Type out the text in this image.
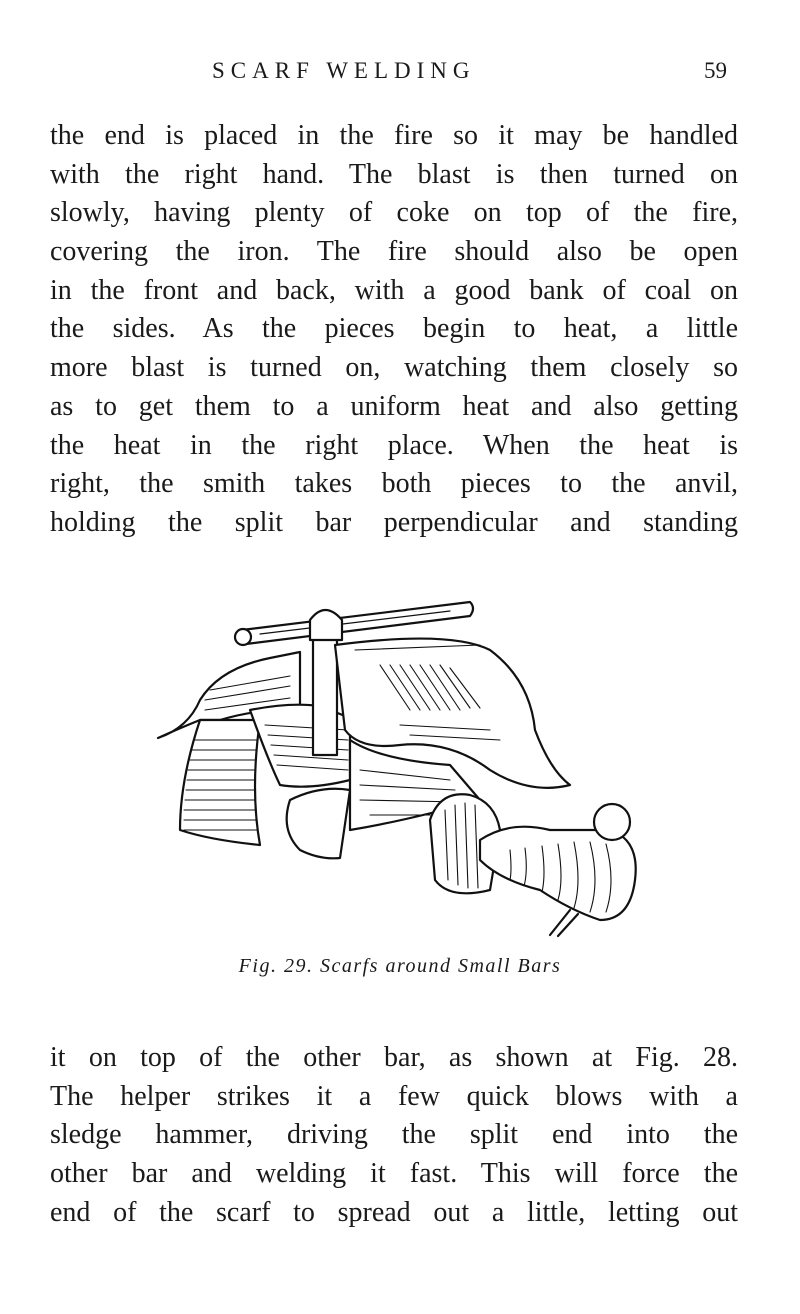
SCARF WELDING	59
the end is placed in the fire so it may be handled
with the right hand. The blast is then turned on
slowly, having plenty of coke on top of the fire,
covering the iron. The fire should also be open
in the front and back, with a good bank of coal on
the sides. As the pieces begin to heat, a little
more blast is turned on, watching them closely so
as to get them to a uniform heat and also getting
the heat in the right place. When the heat is
right, the smith takes both pieces to the anvil,
holding the split bar perpendicular and standing
Fig. 29. Scarfs around Small Bars
it on top of the other bar, as shown at Fig. 28.
The helper strikes it a few quick blows with a
sledge hammer, driving the split end into the
other bar and welding it fast. This will force the
end of the scarf to spread out a little, letting out
